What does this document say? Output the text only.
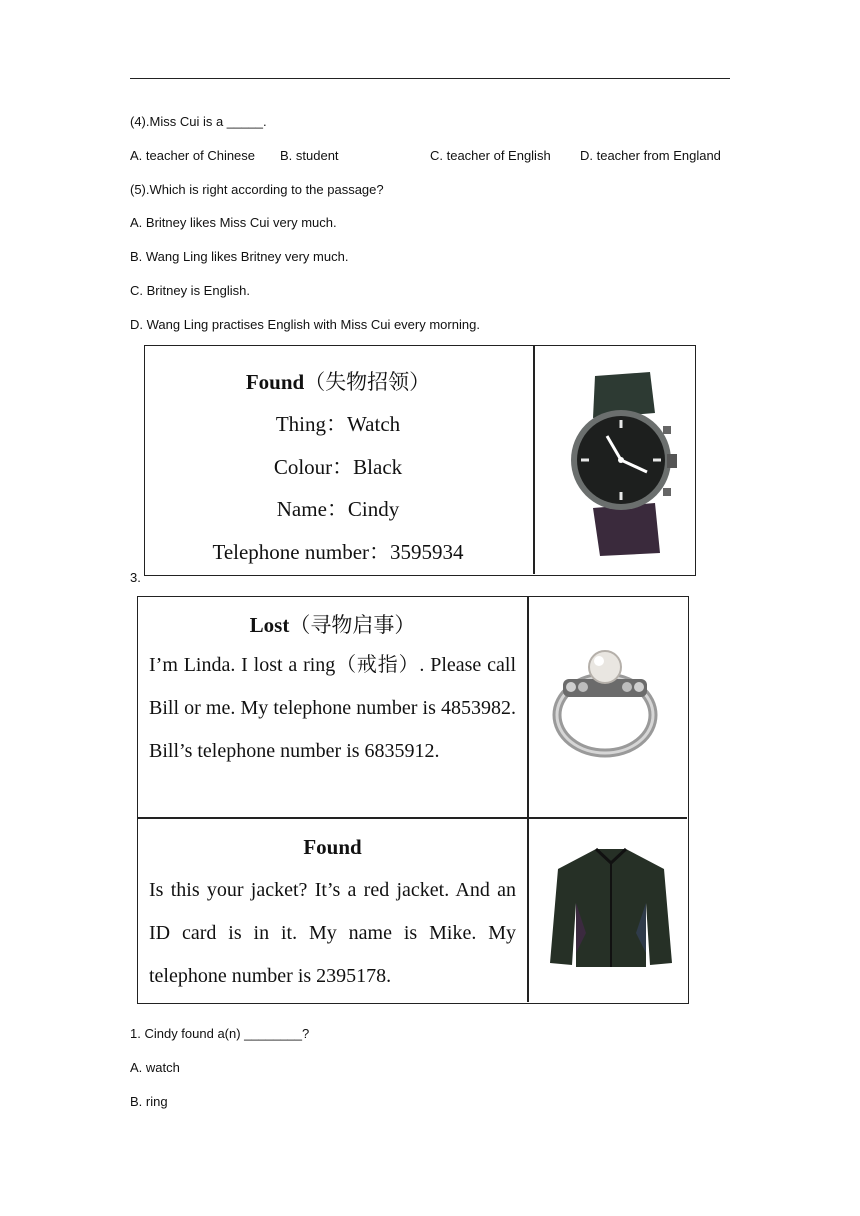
(4).Miss Cui is a _____.
A. teacher of Chinese B. student	C. teacher of English D. teacher from England
(5).Which is right according to the passage?
A. Britney likes Miss Cui very much.
B. Wang Ling likes Britney very much.
C. Britney is English.
D. Wang Ling practises English with Miss Cui every morning.
Found（失物招领）
Thing：Watch
Colour：Black
Name：Cindy
Telephone number：3595934
3.
Lost（寻物启事）
I’m Linda. I lost a ring（戒指）. Please call Bill or me. My telephone number is 4853982. Bill’s telephone number is 6835912.
Found
Is this your jacket? It’s a red jacket. And an ID card is in it. My name is Mike. My telephone number is 2395178.
1. Cindy found a(n) ________?
A. watch
B. ring
